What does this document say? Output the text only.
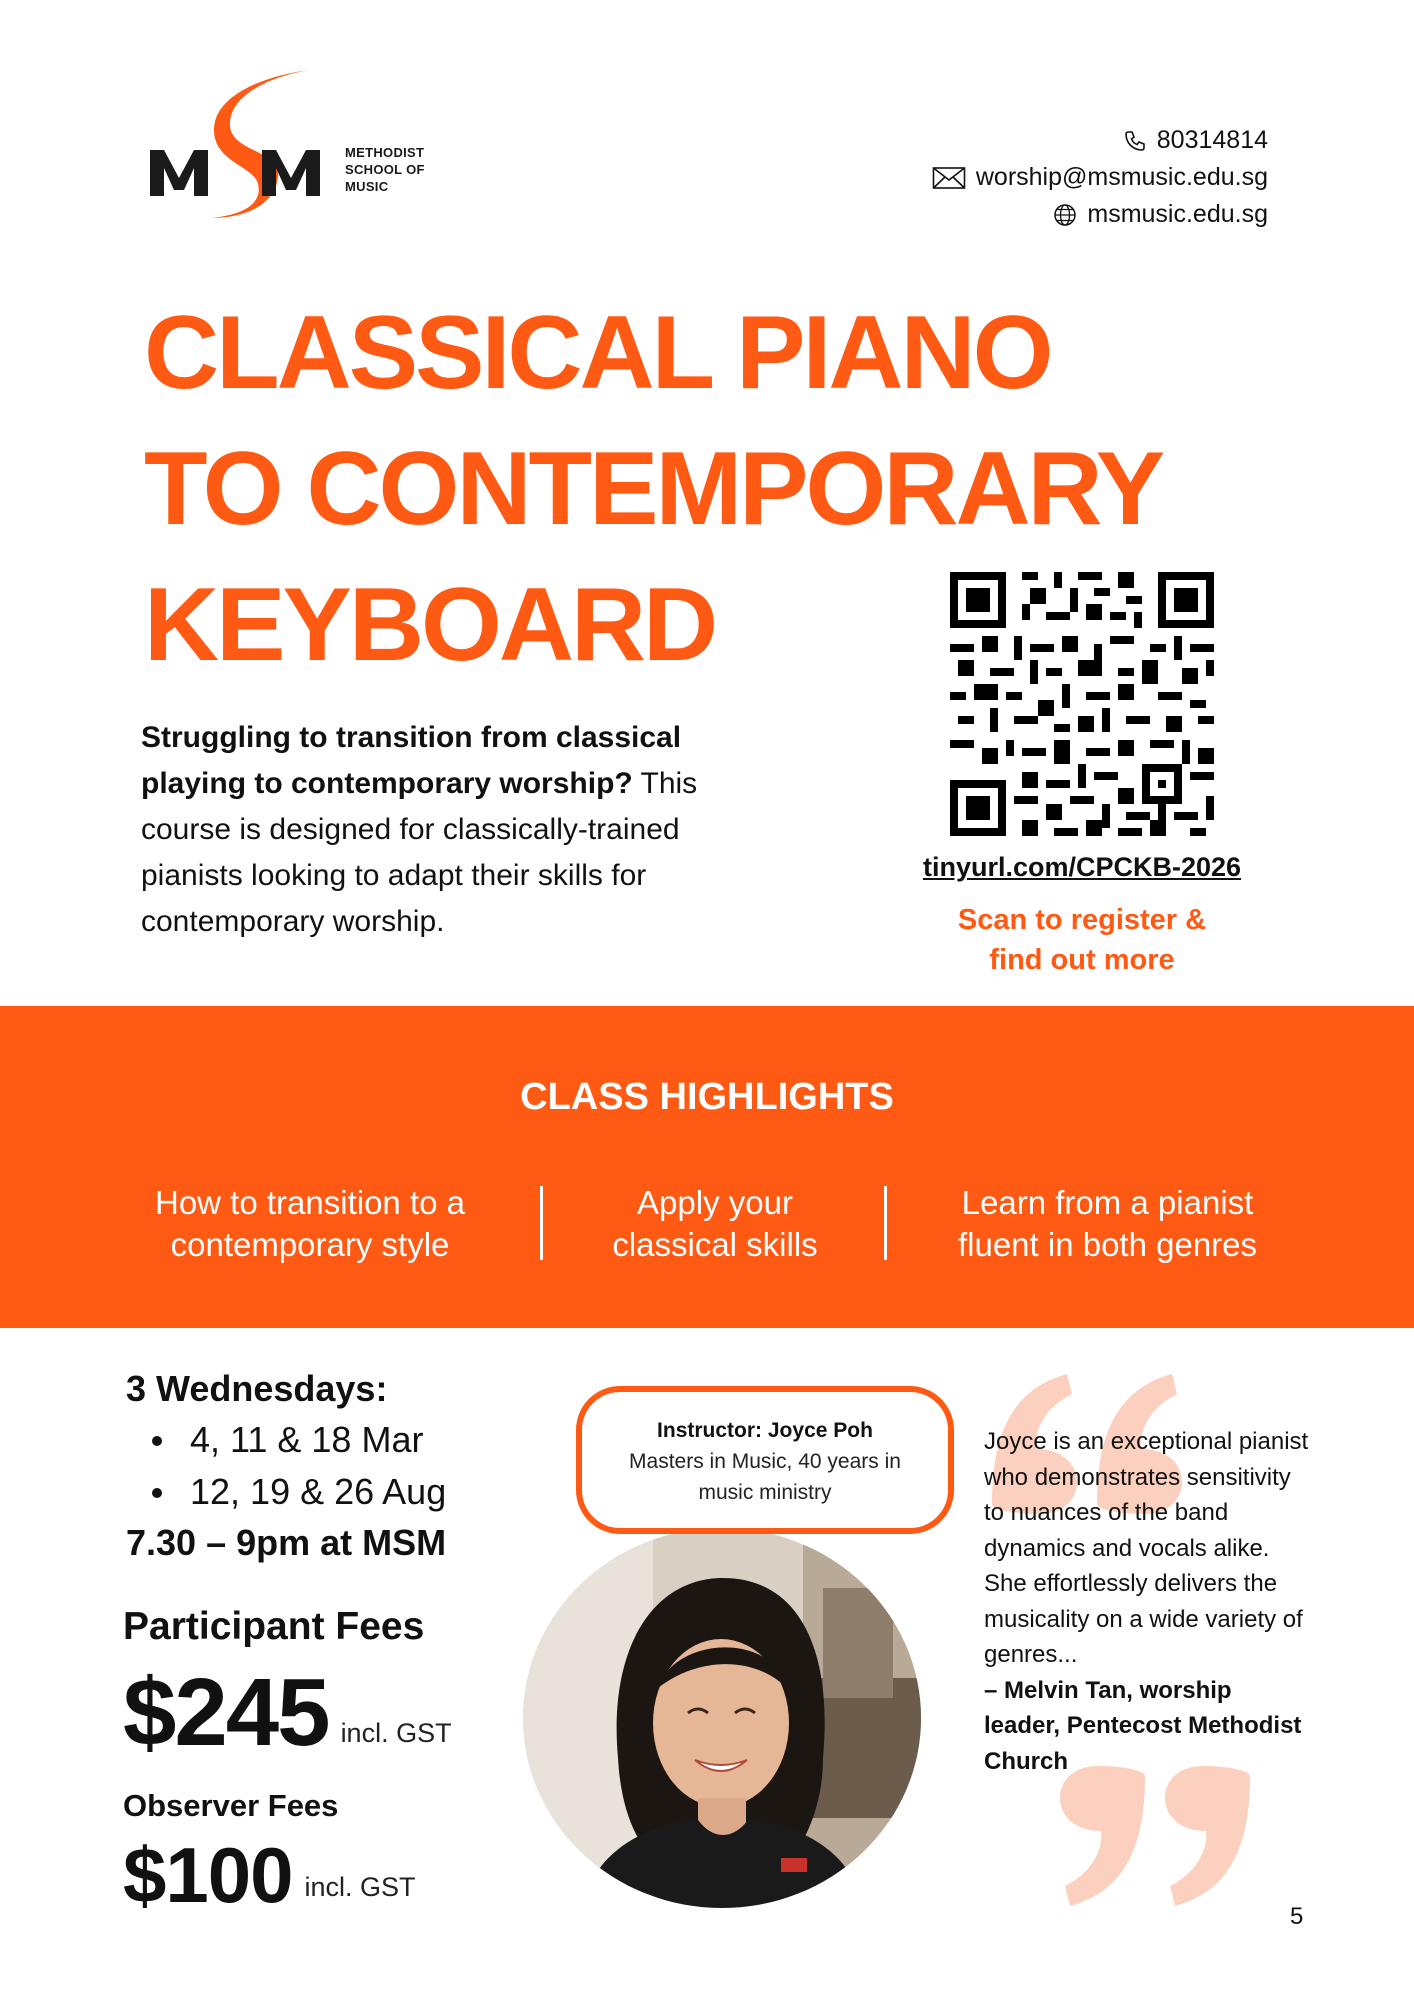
METHODIST
SCHOOL OF
MUSIC
80314814
worship@msmusic.edu.sg
msmusic.edu.sg
CLASSICAL PIANO
TO CONTEMPORARY
KEYBOARD

Struggling to transition from classical playing to contemporary worship? This course is designed for classically-trained pianists looking to adapt their skills for contemporary worship.

tinyurl.com/CPCKB-2026
Scan to register &
find out more
CLASS HIGHLIGHTS
How to transition to a
contemporary style
Apply your
classical skills
Learn from a pianist
fluent in both genres
3 Wednesdays:
4, 11 & 18 Mar
12, 19 & 26 Aug
7.30 – 9pm at MSM
Participant Fees
$245 incl. GST
Observer Fees
$100 incl. GST
Instructor: Joyce Poh
Masters in Music, 40 years in
music ministry
Joyce is an exceptional pianist who demonstrates sensitivity to nuances of the band dynamics and vocals alike. She effortlessly delivers the musicality on a wide variety of genres...
– Melvin Tan, worship leader, Pentecost Methodist Church
5
